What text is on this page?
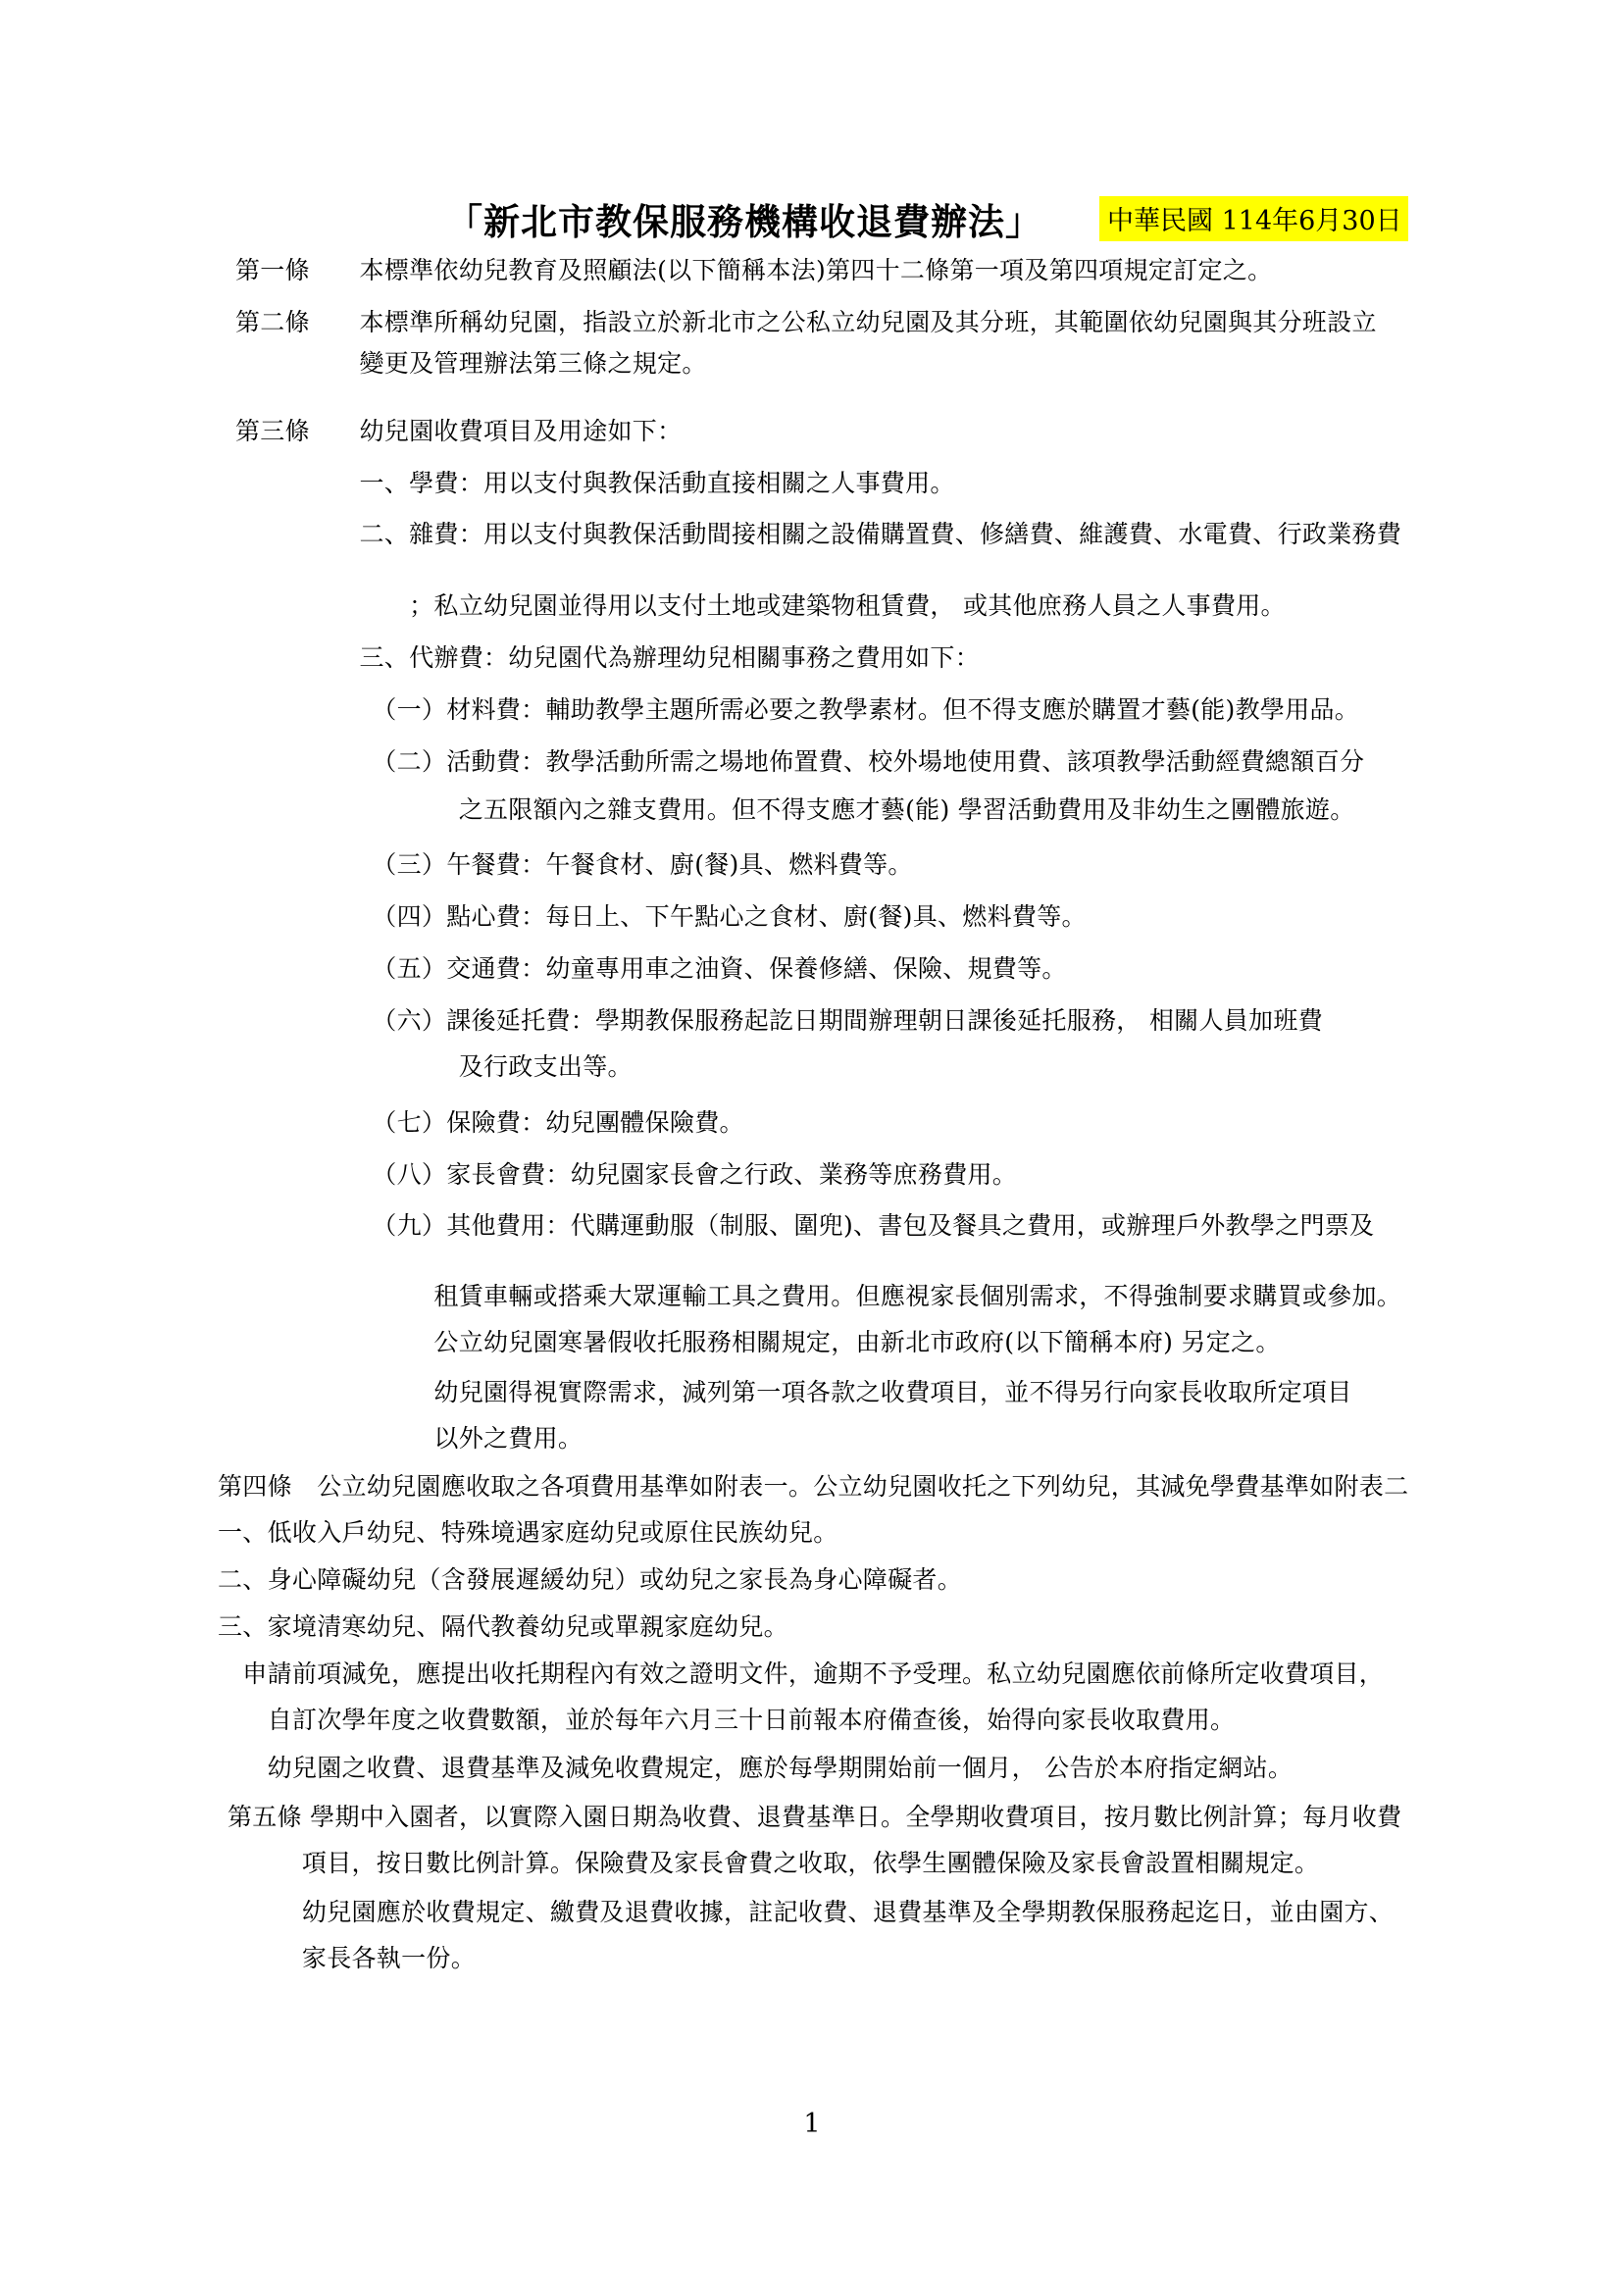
「新北市教保服務機構收退費辦法」 中華民國 114年6月30日
第一條　　本標準依幼兒教育及照顧法(以下簡稱本法)第四十二條第一項及第四項規定訂定之。
第二條　　本標準所稱幼兒園，指設立於新北市之公私立幼兒園及其分班，其範圍依幼兒園與其分班設立
　　　　　變更及管理辦法第三條之規定。
第三條　　幼兒園收費項目及用途如下：
　　　　　一、學費：用以支付與教保活動直接相關之人事費用。
　　　　　二、雜費：用以支付與教保活動間接相關之設備購置費、修繕費、維護費、水電費、行政業務費
　　　　　　　；私立幼兒園並得用以支付土地或建築物租賃費， 或其他庶務人員之人事費用。
　　　　　三、代辦費：幼兒園代為辦理幼兒相關事務之費用如下：
　　　　　　（一）材料費：輔助教學主題所需必要之教學素材。但不得支應於購置才藝(能)教學用品。
　　　　　　（二）活動費：教學活動所需之場地佈置費、校外場地使用費、該項教學活動經費總額百分
　　　　　　　　　之五限額內之雜支費用。但不得支應才藝(能) 學習活動費用及非幼生之團體旅遊。
　　　　　　（三）午餐費：午餐食材、廚(餐)具、燃料費等。
　　　　　　（四）點心費：每日上、下午點心之食材、廚(餐)具、燃料費等。
　　　　　　（五）交通費：幼童專用車之油資、保養修繕、保險、規費等。
　　　　　　（六）課後延托費：學期教保服務起訖日期間辦理朝日課後延托服務， 相關人員加班費
　　　　　　　　　及行政支出等。
　　　　　　（七）保險費：幼兒團體保險費。
　　　　　　（八）家長會費：幼兒園家長會之行政、業務等庶務費用。
　　　　　　（九）其他費用：代購運動服（制服、圍兜)、書包及餐具之費用，或辦理戶外教學之門票及
　　　　　　　　租賃車輛或搭乘大眾運輸工具之費用。但應視家長個別需求，不得強制要求購買或參加。
　　　　　　　　公立幼兒園寒暑假收托服務相關規定，由新北市政府(以下簡稱本府) 另定之。
　　　　　　　　幼兒園得視實際需求，減列第一項各款之收費項目，並不得另行向家長收取所定項目
　　　　　　　　以外之費用。
第四條　公立幼兒園應收取之各項費用基準如附表一。公立幼兒園收托之下列幼兒，其減免學費基準如附表二
一、低收入戶幼兒、特殊境遇家庭幼兒或原住民族幼兒。
二、身心障礙幼兒（含發展遲緩幼兒）或幼兒之家長為身心障礙者。
三、家境清寒幼兒、隔代教養幼兒或單親家庭幼兒。
　申請前項減免，應提出收托期程內有效之證明文件，逾期不予受理。私立幼兒園應依前條所定收費項目，
　　自訂次學年度之收費數額，並於每年六月三十日前報本府備查後，始得向家長收取費用。
　　幼兒園之收費、退費基準及減免收費規定，應於每學期開始前一個月， 公告於本府指定網站。
第五條 學期中入園者，以實際入園日期為收費、退費基準日。全學期收費項目，按月數比例計算；每月收費
　　　項目，按日數比例計算。保險費及家長會費之收取，依學生團體保險及家長會設置相關規定。
　　　幼兒園應於收費規定、繳費及退費收據，註記收費、退費基準及全學期教保服務起迄日，並由園方、
　　　家長各執一份。
1
